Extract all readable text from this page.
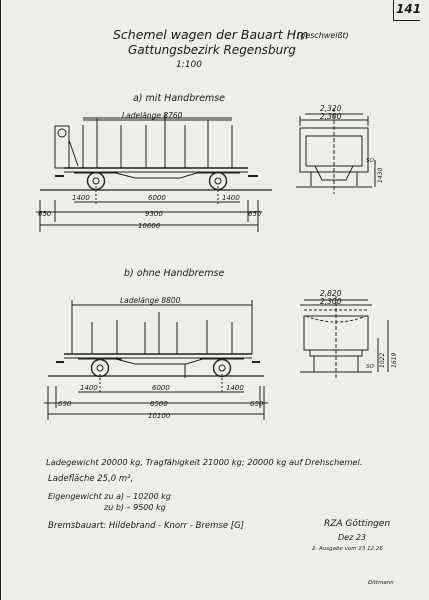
141
Schemel wagen der Bauart Hm
(geschweißt)
Gattungsbezirk Regensburg
1:100
a) mit Handbremse
b) ohne Handbremse
Ladelänge 8760
1400	6000	1400
650	9300	650
10600
2,320
2,300
SO
1430
Ladelänge 8800
1400	6000	1400
650	8500	650
10100
2,820
2,300
1022 1619
SO
Ladegewicht 20000 kg, Tragfähigkeit 21000 kg; 20000 kg auf Drehschemel.
Ladefläche 25,0 m²,
Eigengewicht zu a) – 10200 kg
zu b) – 9500 kg
Bremsbauart: Hildebrand - Knorr - Bremse [G]	RZA Göttingen
Dez 23
2. Ausgabe vom 23.12.26
Dittmann
